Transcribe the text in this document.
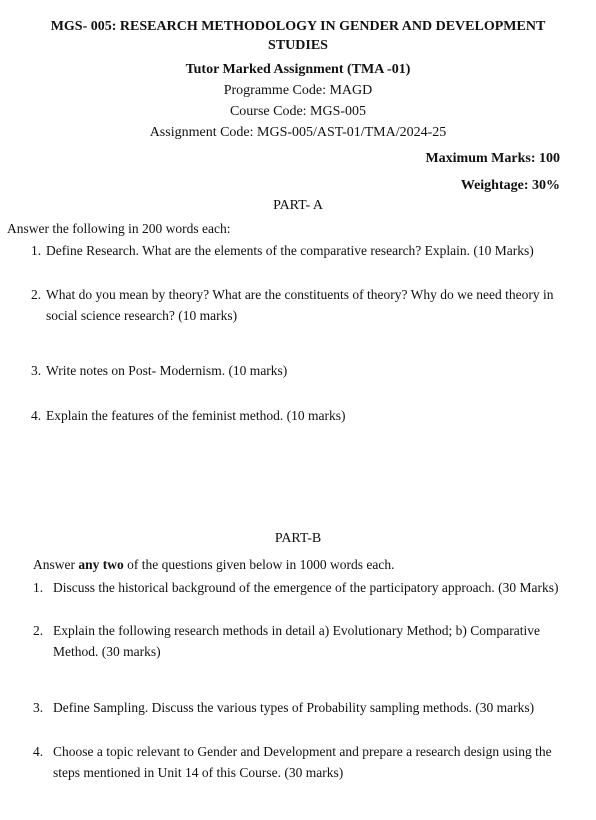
MGS- 005: RESEARCH METHODOLOGY IN GENDER AND DEVELOPMENT
STUDIES
Tutor Marked Assignment (TMA -01)
Programme Code: MAGD
Course Code: MGS-005
Assignment Code: MGS-005/AST-01/TMA/2024-25
Maximum Marks: 100
Weightage: 30%
PART- A
Answer the following in 200 words each:
1. Define Research. What are the elements of the comparative research? Explain. (10 Marks)
2. What do you mean by theory? What are the constituents of theory? Why do we need theory in social science research? (10 marks)
3. Write notes on Post- Modernism. (10 marks)
4. Explain the features of the feminist method. (10 marks)
PART-B
Answer any two of the questions given below in 1000 words each.
1. Discuss the historical background of the emergence of the participatory approach. (30 Marks)
2. Explain the following research methods in detail a) Evolutionary Method; b) Comparative Method. (30 marks)
3. Define Sampling. Discuss the various types of Probability sampling methods. (30 marks)
4. Choose a topic relevant to Gender and Development and prepare a research design using the steps mentioned in Unit 14 of this Course. (30 marks)
